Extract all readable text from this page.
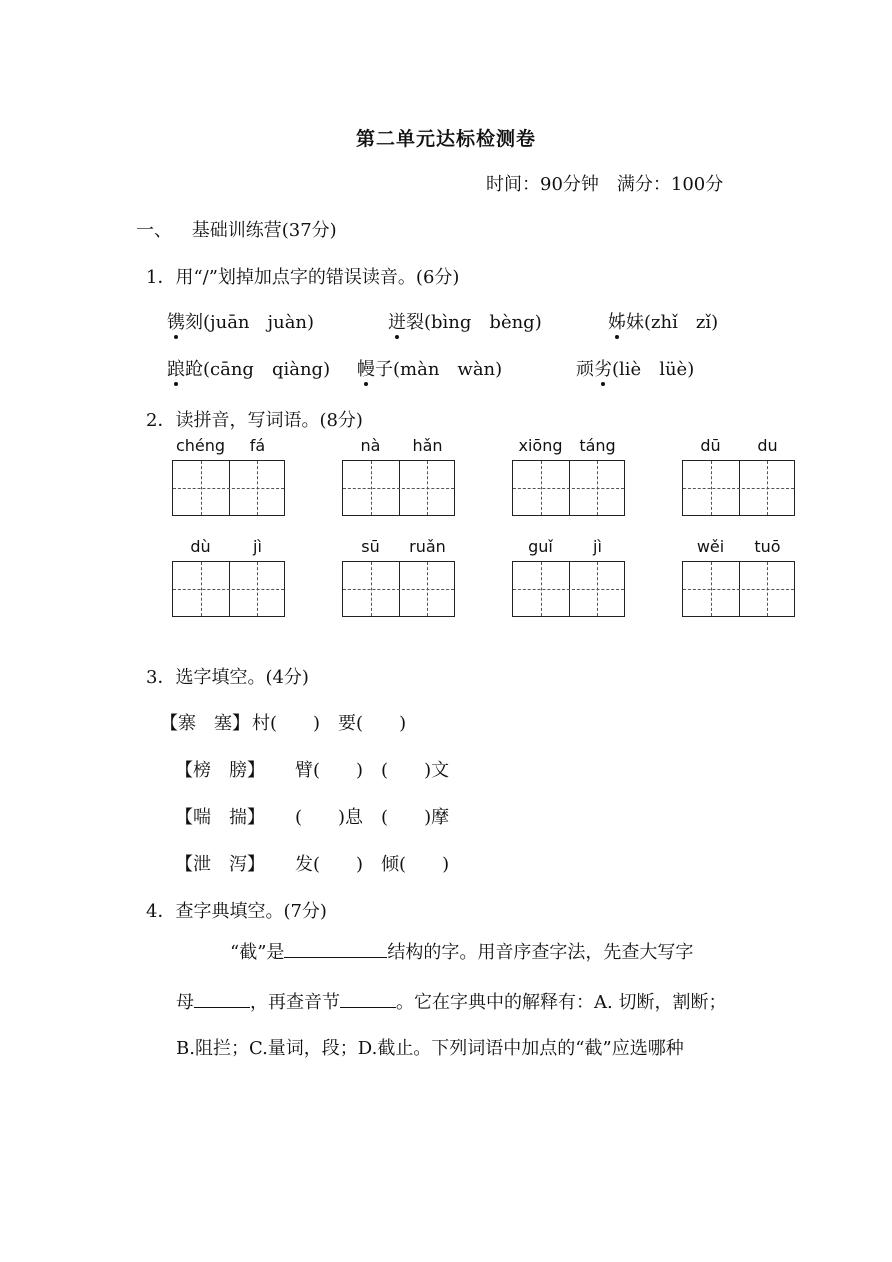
第二单元达标检测卷
时间：90分钟　满分：100分
一、 基础训练营(37分)
1．用“/”划掉加点字的错误读音。(6分)
镌刻(juān　juàn)	迸裂(bìng　bèng)	姊妹(zhǐ　zǐ)
踉跄(cāng　qiàng) 幔子(màn　wàn)	顽劣(liè　lüè)
2．读拼音，写词语。(8分)
chéng	fá	nà	hǎn	xiōng	táng	dū	du
dù	jì	sū	ruǎn	guǐ	jì	wěi	tuō
3．选字填空。(4分)
【寨　塞】 村(　　)　要(　　)
【榜　膀】 臂(　　)　(　　)文
【喘　揣】 (　　)息　(　　)摩
【泄　泻】 发(　　)　倾(　　)
4．查字典填空。(7分)
“截”是	结构的字。用音序查字法，先查大写字
母	，再查音节	。它在字典中的解释有：A. 切断，割断；
B.阻拦；C.量词，段；D.截止。下列词语中加点的“截”应选哪种
